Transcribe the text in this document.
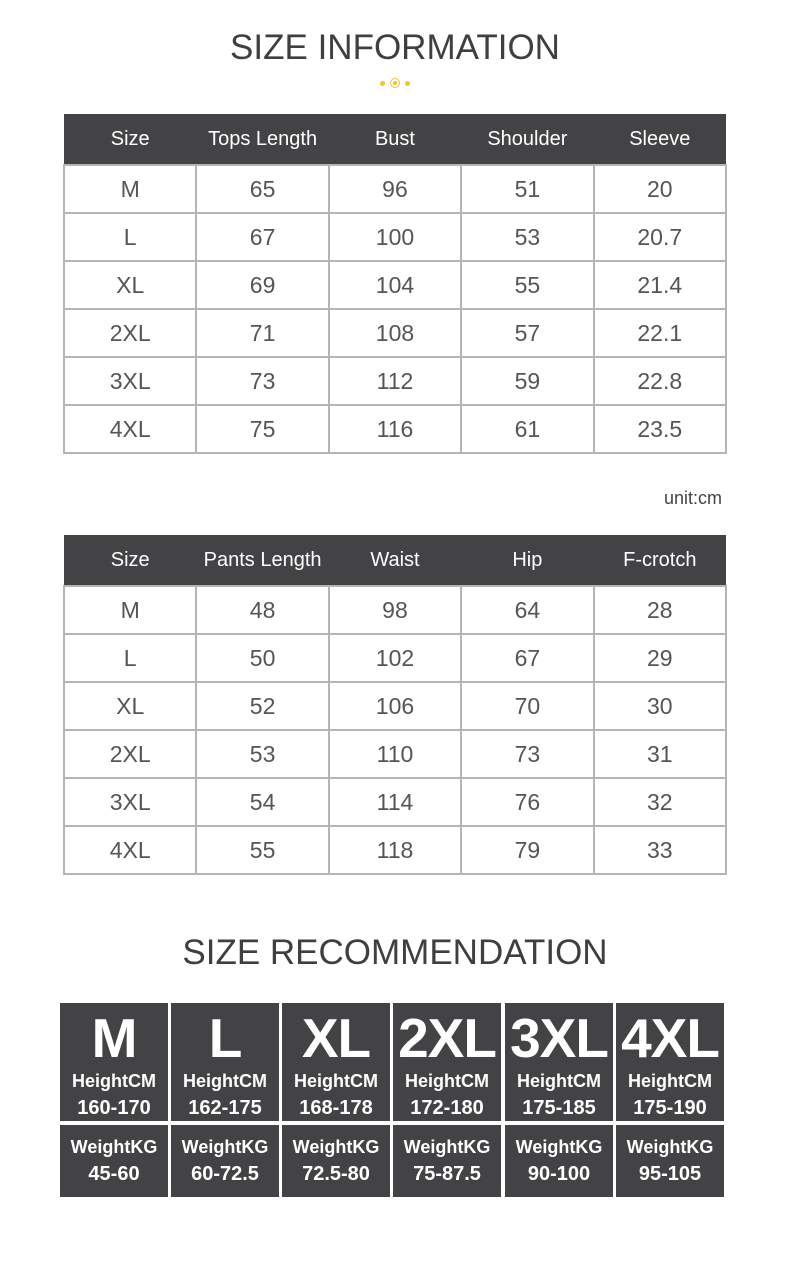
SIZE INFORMATION
Size	Tops Length	Bust	Shoulder	Sleeve
M	65	96	51	20
L	67	100	53	20.7
XL	69	104	55	21.4
2XL	71	108	57	22.1
3XL	73	112	59	22.8
4XL	75	116	61	23.5
unit:cm
Size	Pants Length	Waist	Hip	F-crotch
M	48	98	64	28
L	50	102	67	29
XL	52	106	70	30
2XL	53	110	73	31
3XL	54	114	76	32
4XL	55	118	79	33
SIZE RECOMMENDATION
M
HeightCM
160-170
WeightKG
45-60
L
HeightCM
162-175
WeightKG
60-72.5
XL
HeightCM
168-178
WeightKG
72.5-80
2XL
HeightCM
172-180
WeightKG
75-87.5
3XL
HeightCM
175-185
WeightKG
90-100
4XL
HeightCM
175-190
WeightKG
95-105
